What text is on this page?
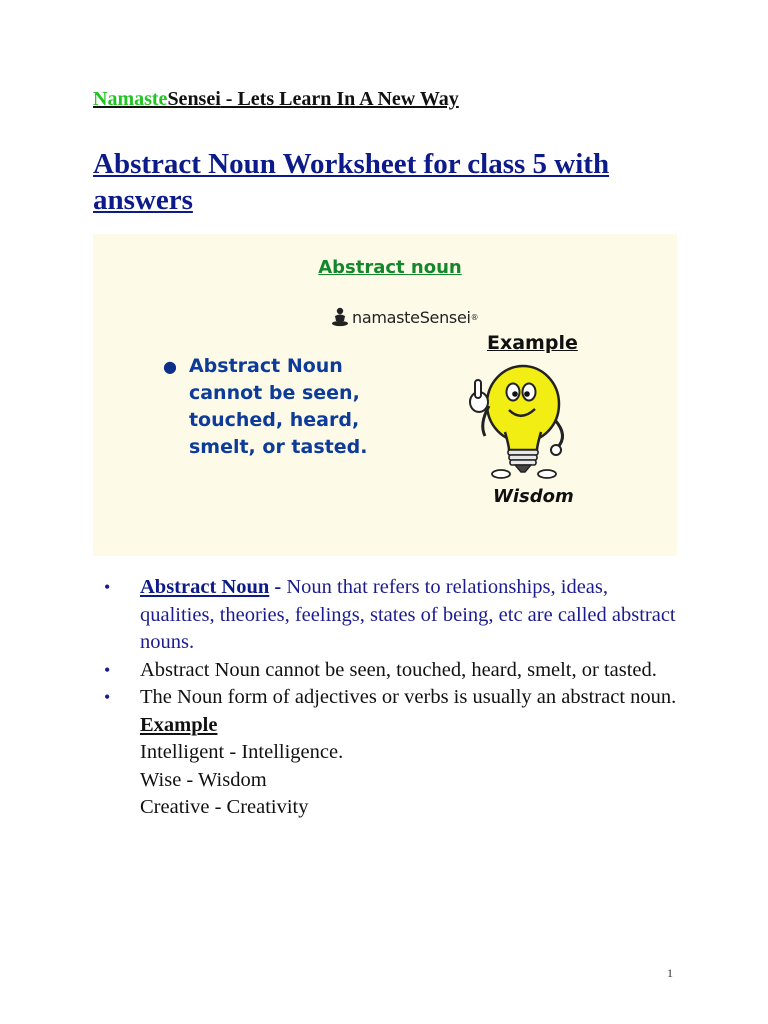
NamasteSensei - Lets Learn In A New Way
Abstract Noun Worksheet for class 5 with answers
Abstract noun
namasteSensei ®
● Abstract Noun cannot be seen, touched, heard, smelt, or tasted.
Example
Wisdom
• Abstract Noun - Noun that refers to relationships, ideas, qualities, theories, feelings, states of being, etc are called abstract nouns.
• Abstract Noun cannot be seen, touched, heard, smelt, or tasted.
• The Noun form of adjectives or verbs is usually an abstract noun.
Example
Intelligent - Intelligence.
Wise - Wisdom
Creative - Creativity
1
